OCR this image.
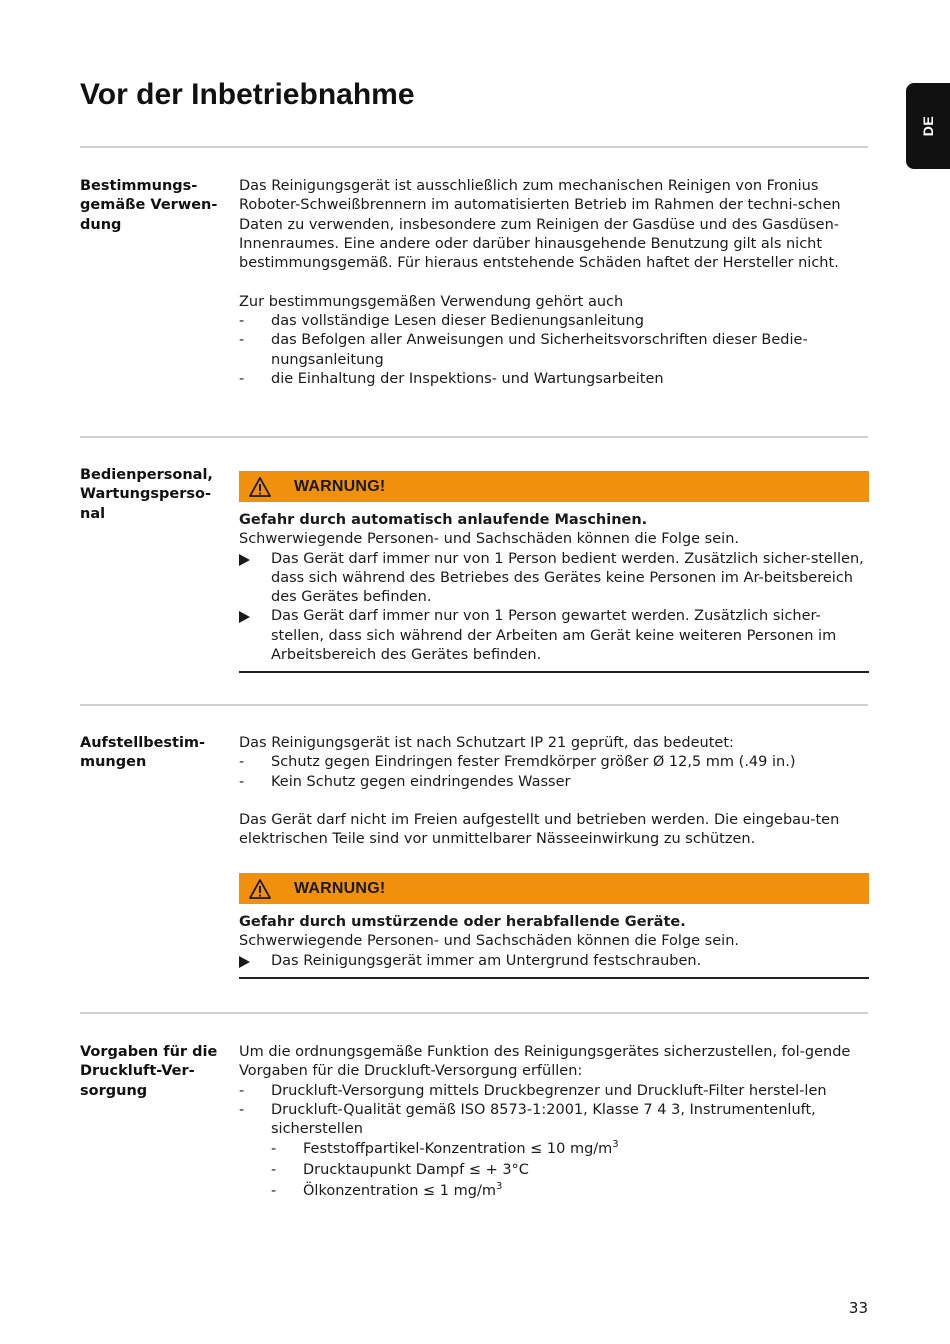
Vor der Inbetriebnahme
DE
Bestimmungs-
gemäße Verwen-
dung

Das Reinigungsgerät ist ausschließlich zum mechanischen Reinigen von Fronius Roboter-Schweißbrennern im automatisierten Betrieb im Rahmen der techni-schen Daten zu verwenden, insbesondere zum Reinigen der Gasdüse und des Gasdüsen-Innenraumes. Eine andere oder darüber hinausgehende Benutzung gilt als nicht bestimmungsgemäß. Für hieraus entstehende Schäden haftet der Hersteller nicht.

Zur bestimmungsgemäßen Verwendung gehört auch

- das vollständige Lesen dieser Bedienungsanleitung
- das Befolgen aller Anweisungen und Sicherheitsvorschriften dieser Bedie-nungsanleitung
- die Einhaltung der Inspektions- und Wartungsarbeiten
Bedienpersonal,
Wartungsperso-
nal
WARNUNG!

Gefahr durch automatisch anlaufende Maschinen.

Schwerwiegende Personen- und Sachschäden können die Folge sein.

Das Gerät darf immer nur von 1 Person bedient werden. Zusätzlich sicher-stellen, dass sich während des Betriebes des Gerätes keine Personen im Ar-beitsbereich des Gerätes befinden.
Das Gerät darf immer nur von 1 Person gewartet werden. Zusätzlich sicher-stellen, dass sich während der Arbeiten am Gerät keine weiteren Personen im Arbeitsbereich des Gerätes befinden.
Aufstellbestim-
mungen

Das Reinigungsgerät ist nach Schutzart IP 21 geprüft, das bedeutet:

- Schutz gegen Eindringen fester Fremdkörper größer Ø 12,5 mm (.49 in.)
- Kein Schutz gegen eindringendes Wasser

Das Gerät darf nicht im Freien aufgestellt und betrieben werden. Die eingebau-ten elektrischen Teile sind vor unmittelbarer Nässeeinwirkung zu schützen.

WARNUNG!

Gefahr durch umstürzende oder herabfallende Geräte.

Schwerwiegende Personen- und Sachschäden können die Folge sein.

Das Reinigungsgerät immer am Untergrund festschrauben.
Vorgaben für die
Druckluft-Ver-
sorgung

Um die ordnungsgemäße Funktion des Reinigungsgerätes sicherzustellen, fol-gende Vorgaben für die Druckluft-Versorgung erfüllen:

- Druckluft-Versorgung mittels Druckbegrenzer und Druckluft-Filter herstel-len
- Druckluft-Qualität gemäß ISO 8573-1:2001, Klasse 7 4 3, Instrumentenluft, sicherstellen
- Feststoffpartikel-Konzentration ≤ 10 $mg/m^3$
- Drucktaupunkt Dampf ≤ + 3°C
- Ölkonzentration ≤ 1 $mg/m^3$
33
